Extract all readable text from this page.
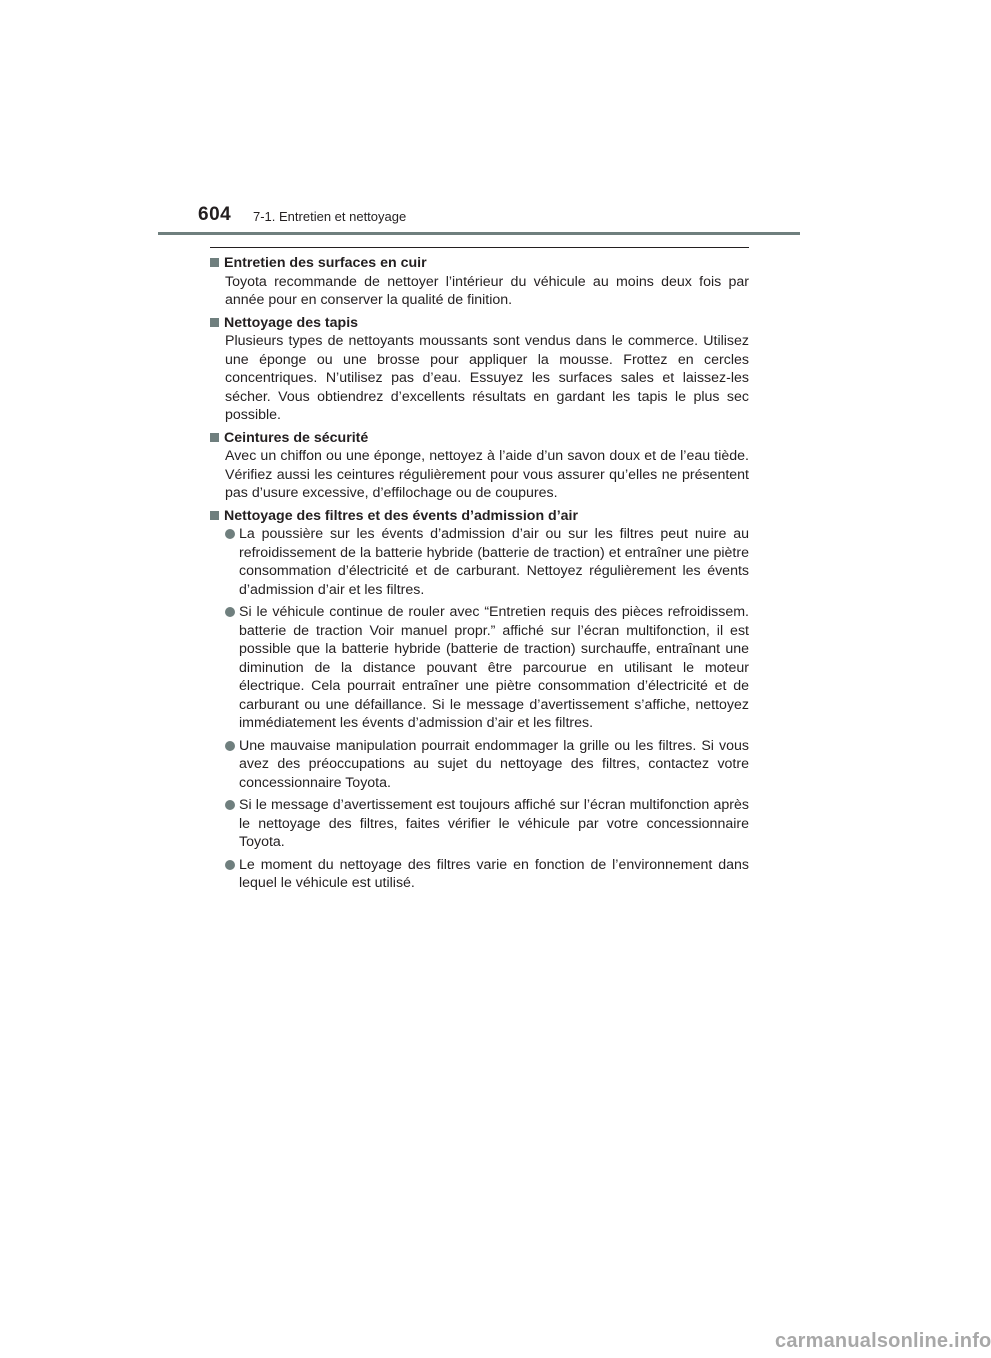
604 7-1. Entretien et nettoyage
Entretien des surfaces en cuir
Toyota recommande de nettoyer l’intérieur du véhicule au moins deux fois par année pour en conserver la qualité de finition.
Nettoyage des tapis
Plusieurs types de nettoyants moussants sont vendus dans le commerce. Utilisez une éponge ou une brosse pour appliquer la mousse. Frottez en cercles concentriques. N’utilisez pas d’eau. Essuyez les surfaces sales et laissez-les sécher. Vous obtiendrez d’excellents résultats en gardant les tapis le plus sec possible.
Ceintures de sécurité
Avec un chiffon ou une éponge, nettoyez à l’aide d’un savon doux et de l’eau tiède. Vérifiez aussi les ceintures régulièrement pour vous assurer qu’elles ne présentent pas d’usure excessive, d’effilochage ou de coupures.
Nettoyage des filtres et des évents d’admission d’air
La poussière sur les évents d’admission d’air ou sur les filtres peut nuire au refroidissement de la batterie hybride (batterie de traction) et entraîner une piètre consommation d’électricité et de carburant. Nettoyez régulièrement les évents d’admission d’air et les filtres.
Si le véhicule continue de rouler avec “Entretien requis des pièces refroidissem. batterie de traction Voir manuel propr.” affiché sur l’écran multifonction, il est possible que la batterie hybride (batterie de traction) surchauffe, entraînant une diminution de la distance pouvant être parcourue en utilisant le moteur électrique. Cela pourrait entraîner une piètre consommation d’électricité et de carburant ou une défaillance. Si le message d’avertissement s’affiche, nettoyez immédiatement les évents d’admission d’air et les filtres.
Une mauvaise manipulation pourrait endommager la grille ou les filtres. Si vous avez des préoccupations au sujet du nettoyage des filtres, contactez votre concessionnaire Toyota.
Si le message d’avertissement est toujours affiché sur l’écran multifonction après le nettoyage des filtres, faites vérifier le véhicule par votre concessionnaire Toyota.
Le moment du nettoyage des filtres varie en fonction de l’environnement dans lequel le véhicule est utilisé.
carmanualsonline.info
